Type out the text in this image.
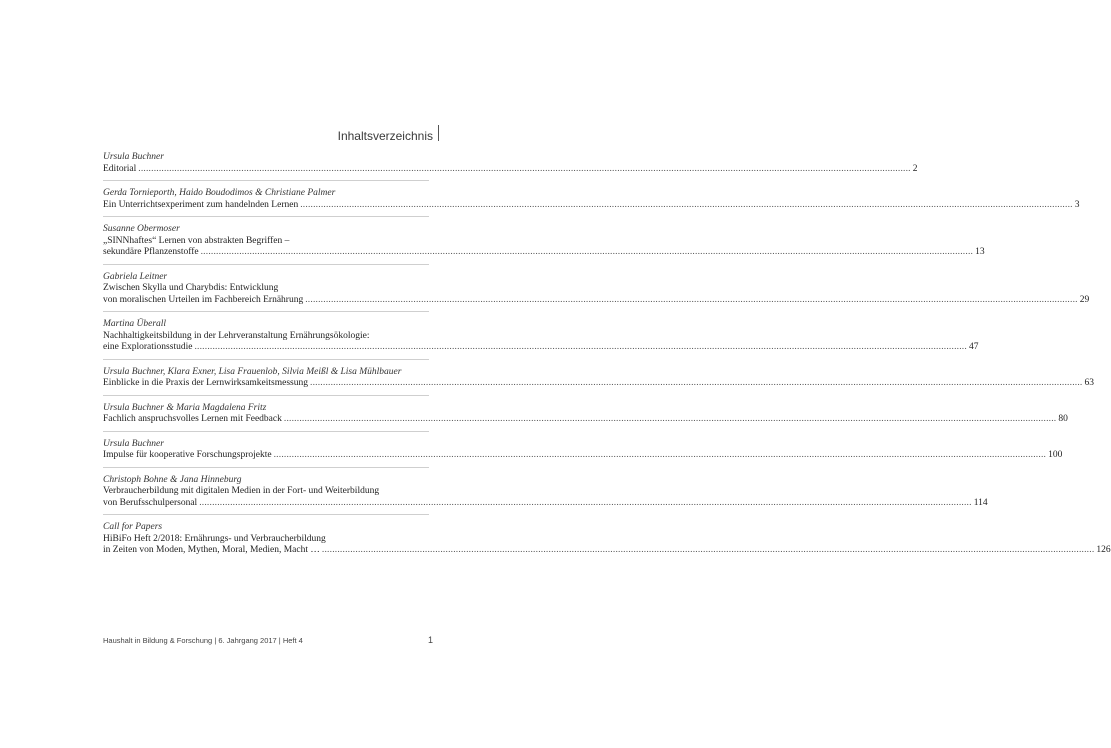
Inhaltsverzeichnis
Ursula Buchner
Editorial ............................................................................................................................................................................................................................................................................................................ 2
Gerda Tornieporth, Haido Boudodimos & Christiane Palmer
Ein Unterrichtsexperiment zum handelnden Lernen ............................................................................................................................................................................................................................................................................................................ 3
Susanne Obermoser
„SINNhaftes“ Lernen von abstrakten Begriffen –
sekundäre Pflanzenstoffe ............................................................................................................................................................................................................................................................................................................ 13
Gabriela Leitner
Zwischen Skylla und Charybdis: Entwicklung
von moralischen Urteilen im Fachbereich Ernährung ............................................................................................................................................................................................................................................................................................................ 29
Martina Überall
Nachhaltigkeitsbildung in der Lehrveranstaltung Ernährungsökologie:
eine Explorationsstudie ............................................................................................................................................................................................................................................................................................................ 47
Ursula Buchner, Klara Exner, Lisa Frauenlob, Silvia Meißl & Lisa Mühlbauer
Einblicke in die Praxis der Lernwirksamkeitsmessung ............................................................................................................................................................................................................................................................................................................ 63
Ursula Buchner & Maria Magdalena Fritz
Fachlich anspruchsvolles Lernen mit Feedback ............................................................................................................................................................................................................................................................................................................ 80
Ursula Buchner
Impulse für kooperative Forschungsprojekte ............................................................................................................................................................................................................................................................................................................ 100
Christoph Bohne & Jana Hinneburg
Verbraucherbildung mit digitalen Medien in der Fort- und Weiterbildung
von Berufsschulpersonal ............................................................................................................................................................................................................................................................................................................ 114
Call for Papers
HiBiFo Heft 2/2018: Ernährungs- und Verbraucherbildung
in Zeiten von Moden, Mythen, Moral, Medien, Macht … ............................................................................................................................................................................................................................................................................................................ 126
Haushalt in Bildung & Forschung | 6. Jahrgang 2017 | Heft 4	1
